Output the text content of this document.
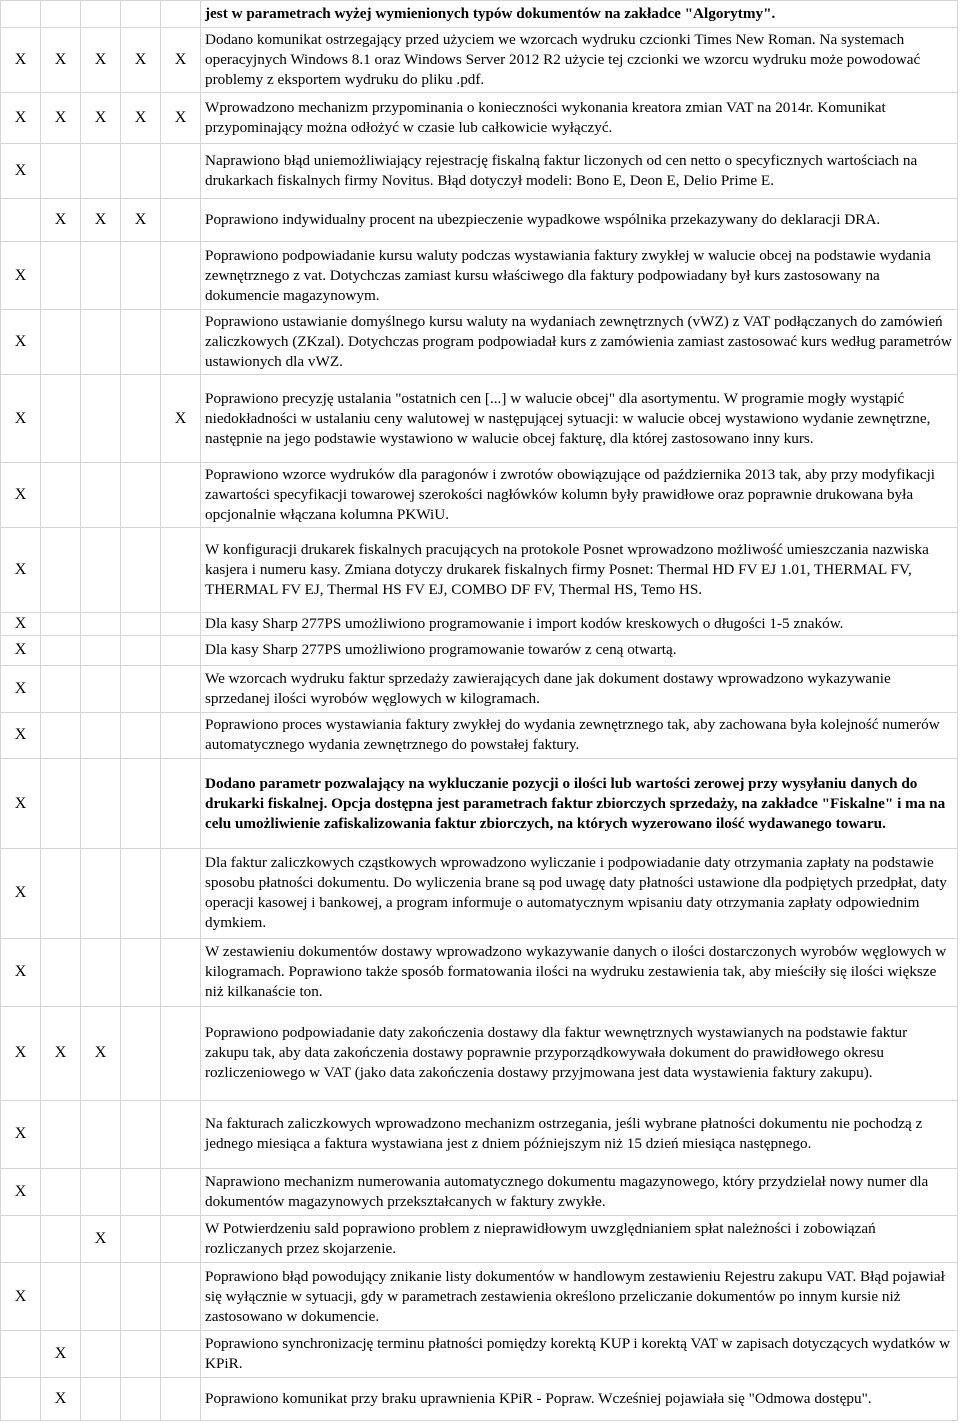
					jest w parametrach wyżej wymienionych typów dokumentów na zakładce "Algorytmy".
X	X	X	X	X	Dodano komunikat ostrzegający przed użyciem we wzorcach wydruku czcionki Times New Roman. Na systemach operacyjnych Windows 8.1 oraz Windows Server 2012 R2 użycie tej czcionki we wzorcu wydruku może powodować problemy z eksportem wydruku do pliku .pdf.
X	X	X	X	X	Wprowadzono mechanizm przypominania o konieczności wykonania kreatora zmian VAT na 2014r. Komunikat przypominający można odłożyć w czasie lub całkowicie wyłączyć.
X					Naprawiono błąd uniemożliwiający rejestrację fiskalną faktur liczonych od cen netto o specyficznych wartościach na drukarkach fiskalnych firmy Novitus. Błąd dotyczył modeli: Bono E, Deon E, Delio Prime E.
	X	X	X		Poprawiono indywidualny procent na ubezpieczenie wypadkowe wspólnika przekazywany do deklaracji DRA.
X					Poprawiono podpowiadanie kursu waluty podczas wystawiania faktury zwykłej w walucie obcej na podstawie wydania zewnętrznego z vat. Dotychczas zamiast kursu właściwego dla faktury podpowiadany był kurs zastosowany na dokumencie magazynowym.
X					Poprawiono ustawianie domyślnego kursu waluty na wydaniach zewnętrznych (vWZ) z VAT podłączanych do zamówień zaliczkowych (ZKzal). Dotychczas program podpowiadał kurs z zamówienia zamiast zastosować kurs według parametrów ustawionych dla vWZ.
X				X	Poprawiono precyzję ustalania "ostatnich cen [...] w walucie obcej" dla asortymentu. W programie mogły wystąpić niedokładności w ustalaniu ceny walutowej w następującej sytuacji: w walucie obcej wystawiono wydanie zewnętrzne, następnie na jego podstawie wystawiono w walucie obcej fakturę, dla której zastosowano inny kurs.
X					Poprawiono wzorce wydruków dla paragonów i zwrotów obowiązujące od października 2013 tak, aby przy modyfikacji zawartości specyfikacji towarowej szerokości nagłówków kolumn były prawidłowe oraz poprawnie drukowana była opcjonalnie włączana kolumna PKWiU.
X					W konfiguracji drukarek fiskalnych pracujących na protokole Posnet wprowadzono możliwość umieszczania nazwiska kasjera i numeru kasy. Zmiana dotyczy drukarek fiskalnych firmy Posnet: Thermal HD FV EJ 1.01, THERMAL FV, THERMAL FV EJ, Thermal HS FV EJ, COMBO DF FV, Thermal HS, Temo HS.
X					Dla kasy Sharp 277PS umożliwiono programowanie i import kodów kreskowych o długości 1-5 znaków.
X					Dla kasy Sharp 277PS umożliwiono programowanie towarów z ceną otwartą.
X					We wzorcach wydruku faktur sprzedaży zawierających dane jak dokument dostawy wprowadzono wykazywanie sprzedanej ilości wyrobów węglowych w kilogramach.
X					Poprawiono proces wystawiania faktury zwykłej do wydania zewnętrznego tak, aby zachowana była kolejność numerów automatycznego wydania zewnętrznego do powstałej faktury.
X					Dodano parametr pozwalający na wykluczanie pozycji o ilości lub wartości zerowej przy wysyłaniu danych do drukarki fiskalnej. Opcja dostępna jest parametrach faktur zbiorczych sprzedaży, na zakładce "Fiskalne" i ma na celu umożliwienie zafiskalizowania faktur zbiorczych, na których wyzerowano ilość wydawanego towaru.
X					Dla faktur zaliczkowych cząstkowych wprowadzono wyliczanie i podpowiadanie daty otrzymania zapłaty na podstawie sposobu płatności dokumentu. Do wyliczenia brane są pod uwagę daty płatności ustawione dla podpiętych przedpłat, daty operacji kasowej i bankowej, a program informuje o automatycznym wpisaniu daty otrzymania zapłaty odpowiednim dymkiem.
X					W zestawieniu dokumentów dostawy wprowadzono wykazywanie danych o ilości dostarczonych wyrobów węglowych w kilogramach. Poprawiono także sposób formatowania ilości na wydruku zestawienia tak, aby mieściły się ilości większe niż kilkanaście ton.
X	X	X			Poprawiono podpowiadanie daty zakończenia dostawy dla faktur wewnętrznych wystawianych na podstawie faktur zakupu tak, aby data zakończenia dostawy poprawnie przyporządkowywała dokument do prawidłowego okresu rozliczeniowego w VAT (jako data zakończenia dostawy przyjmowana jest data wystawienia faktury zakupu).
X					Na fakturach zaliczkowych wprowadzono mechanizm ostrzegania, jeśli wybrane płatności dokumentu nie pochodzą z jednego miesiąca a faktura wystawiana jest z dniem późniejszym niż 15 dzień miesiąca następnego.
X					Naprawiono mechanizm numerowania automatycznego dokumentu magazynowego, który przydzielał nowy numer dla dokumentów magazynowych przekształcanych w faktury zwykłe.
		X			W Potwierdzeniu sald poprawiono problem z nieprawidłowym uwzględnianiem spłat należności i zobowiązań rozliczanych przez skojarzenie.
X					Poprawiono błąd powodujący znikanie listy dokumentów w handlowym zestawieniu Rejestru zakupu VAT. Błąd pojawiał się wyłącznie w sytuacji, gdy w parametrach zestawienia określono przeliczanie dokumentów po innym kursie niż zastosowano w dokumencie.
	X				Poprawiono synchronizację terminu płatności pomiędzy korektą KUP i korektą VAT w zapisach dotyczących wydatków w KPiR.
	X				Poprawiono komunikat przy braku uprawnienia KPiR - Popraw. Wcześniej pojawiała się "Odmowa dostępu".
